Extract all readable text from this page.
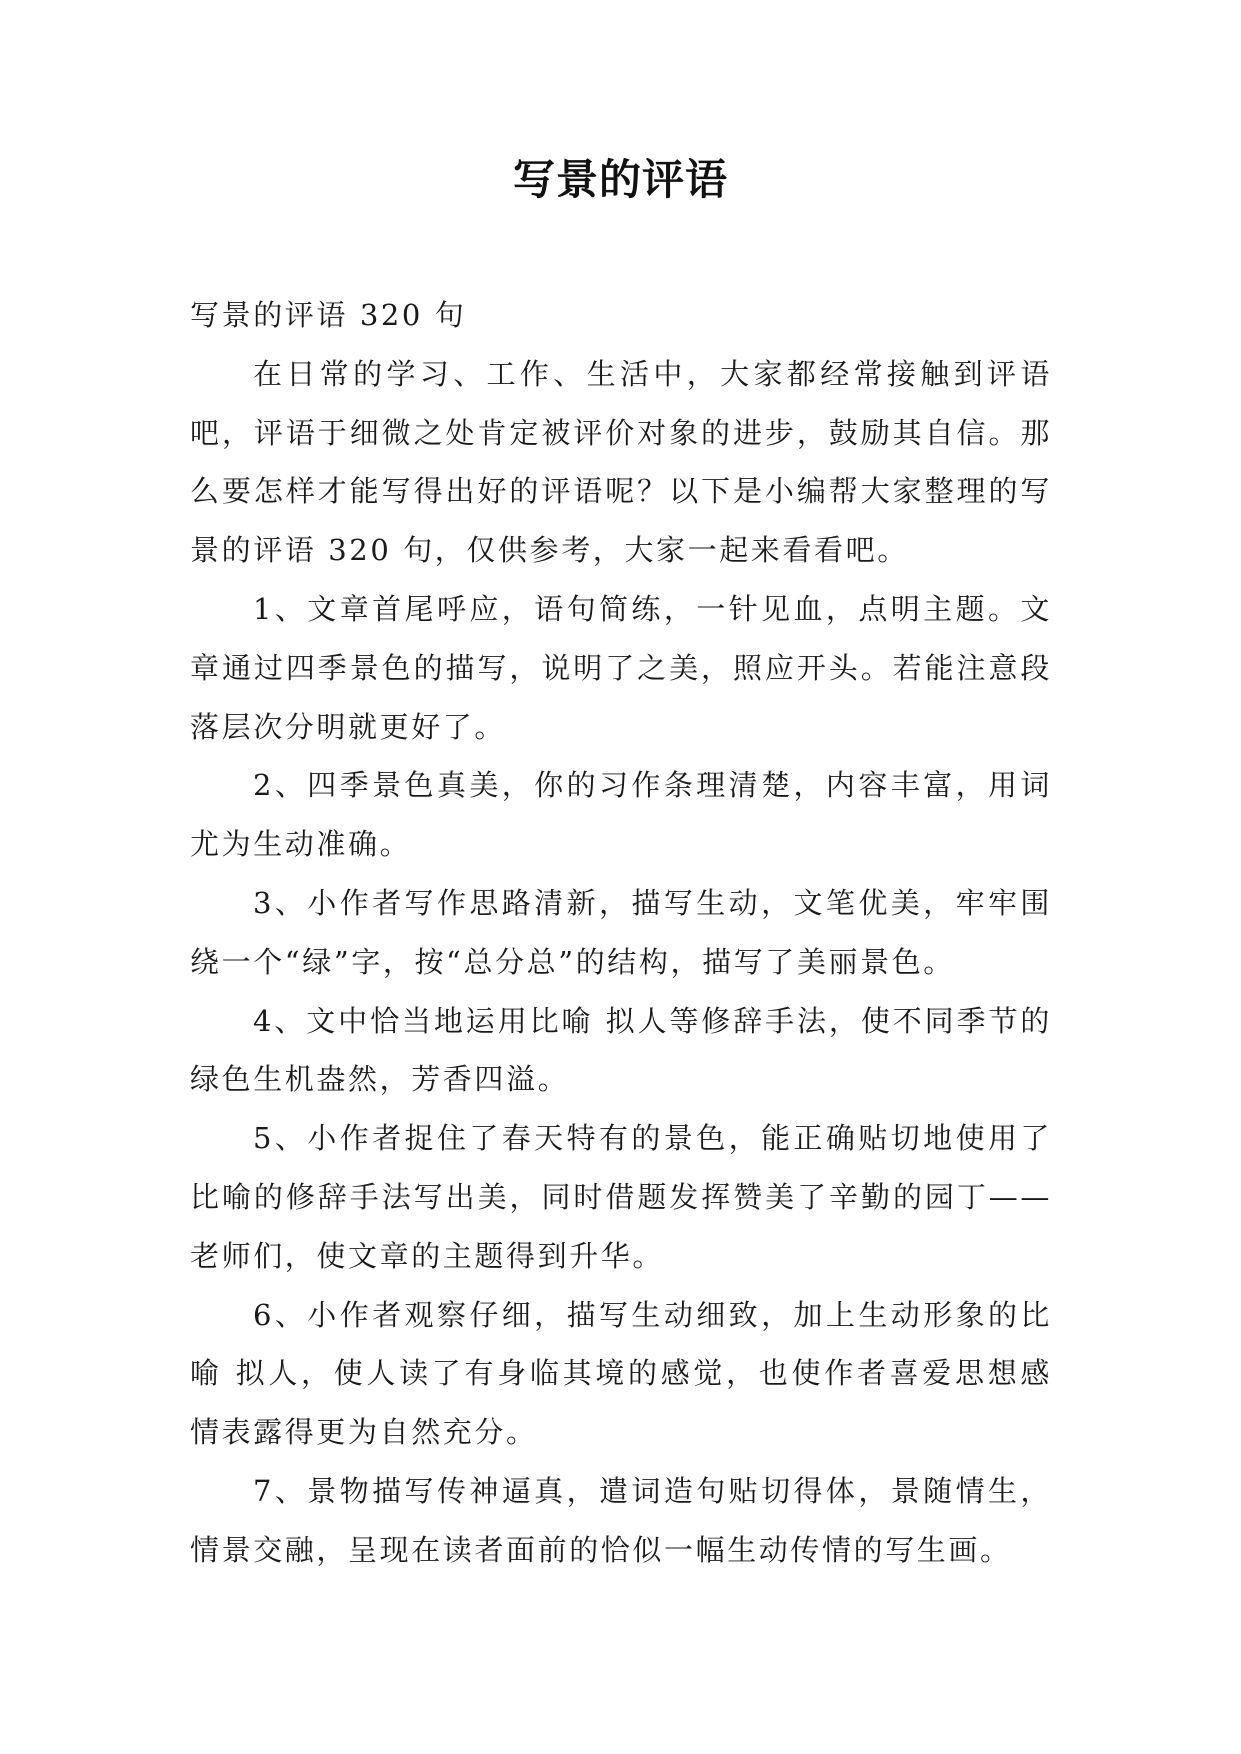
写景的评语

写景的评语 320 句

在日常的学习、工作、生活中，大家都经常接触到评语吧，评语于细微之处肯定被评价对象的进步，鼓励其自信。那么要怎样才能写得出好的评语呢？以下是小编帮大家整理的写景的评语 320 句，仅供参考，大家一起来看看吧。

1、文章首尾呼应，语句简练，一针见血，点明主题。文章通过四季景色的描写，说明了之美，照应开头。若能注意段落层次分明就更好了。

2、四季景色真美，你的习作条理清楚，内容丰富，用词尤为生动准确。

3、小作者写作思路清新，描写生动，文笔优美，牢牢围绕一个“绿”字，按“总分总”的结构，描写了美丽景色。

4、文中恰当地运用比喻 拟人等修辞手法，使不同季节的绿色生机盎然，芳香四溢。

5、小作者捉住了春天特有的景色，能正确贴切地使用了比喻的修辞手法写出美，同时借题发挥赞美了辛勤的园丁——老师们，使文章的主题得到升华。

6、小作者观察仔细，描写生动细致，加上生动形象的比喻 拟人，使人读了有身临其境的感觉，也使作者喜爱思想感情表露得更为自然充分。

7、景物描写传神逼真，遣词造句贴切得体，景随情生，情景交融，呈现在读者面前的恰似一幅生动传情的写生画。
